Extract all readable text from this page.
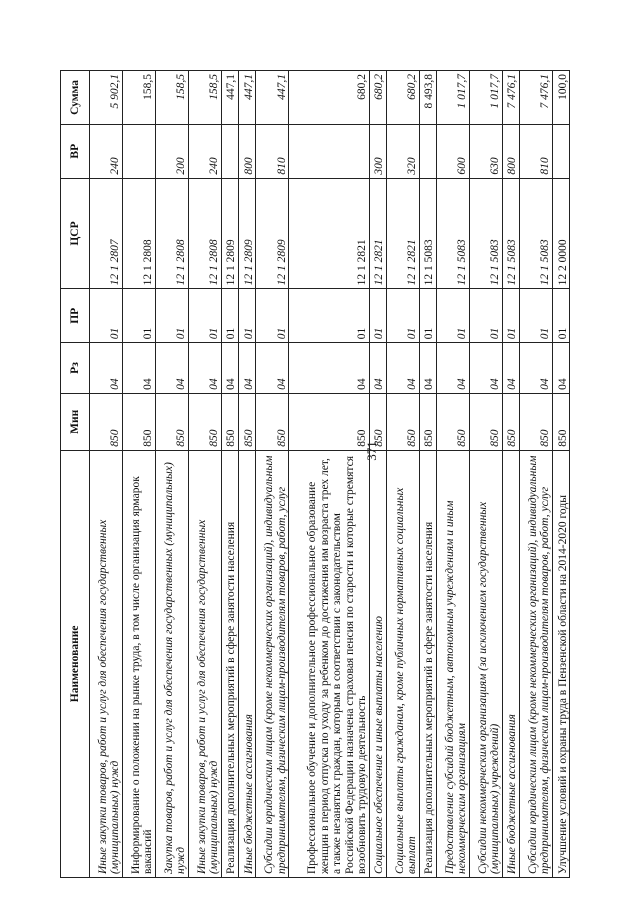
371
Наименование	Мин	Рз	ПР	ЦСР	ВР	Сумма
Иные закупки товаров, работ и услуг для обеспечения государственных (муниципальных) нужд	850	04	01	12 1 2807	240	5 902,1
Информирование о положении на рынке труда, в том числе организация ярмарок вакансий	850	04	01	12 1 2808		158,5
Закупка товаров, работ и услуг для обеспечения государственных (муниципальных) нужд	850	04	01	12 1 2808	200	158,5
Иные закупки товаров, работ и услуг для обеспечения государственных (муниципальных) нужд	850	04	01	12 1 2808	240	158,5
Реализация дополнительных мероприятий в сфере занятости населения	850	04	01	12 1 2809		447,1
Иные бюджетные ассигнования	850	04	01	12 1 2809	800	447,1
Субсидии юридическим лицам (кроме некоммерческих организаций), индивидуальным предпринимателям, физическим лицам-производителям товаров, работ, услуг	850	04	01	12 1 2809	810	447,1
Профессиональное обучение и дополнительное профессиональное образование женщин в период отпуска по уходу за ребенком до достижения им возраста трех лет, а также незанятых граждан, которым в соответствии с законодательством Российской Федерации назначена страховая пенсия по старости и которые стремятся возобновить трудовую деятельность	850	04	01	12 1 2821		680,2
Социальное обеспечение и иные выплаты населению	850	04	01	12 1 2821	300	680,2
Социальные выплаты гражданам, кроме публичных нормативных социальных выплат	850	04	01	12 1 2821	320	680,2
Реализация дополнительных мероприятий в сфере занятости населения	850	04	01	12 1 5083		8 493,8
Предоставление субсидий бюджетным, автономным учреждениям и иным некоммерческим организациям	850	04	01	12 1 5083	600	1 017,7
Субсидии некоммерческим организациям (за исключением государственных (муниципальных) учреждений)	850	04	01	12 1 5083	630	1 017,7
Иные бюджетные ассигнования	850	04	01	12 1 5083	800	7 476,1
Субсидии юридическим лицам (кроме некоммерческих организаций), индивидуальным предпринимателям, физическим лицам-производителям товаров, работ, услуг	850	04	01	12 1 5083	810	7 476,1
Улучшение условий и охраны труда в Пензенской области на 2014-2020 годы	850	04	01	12 2 0000		100,0
